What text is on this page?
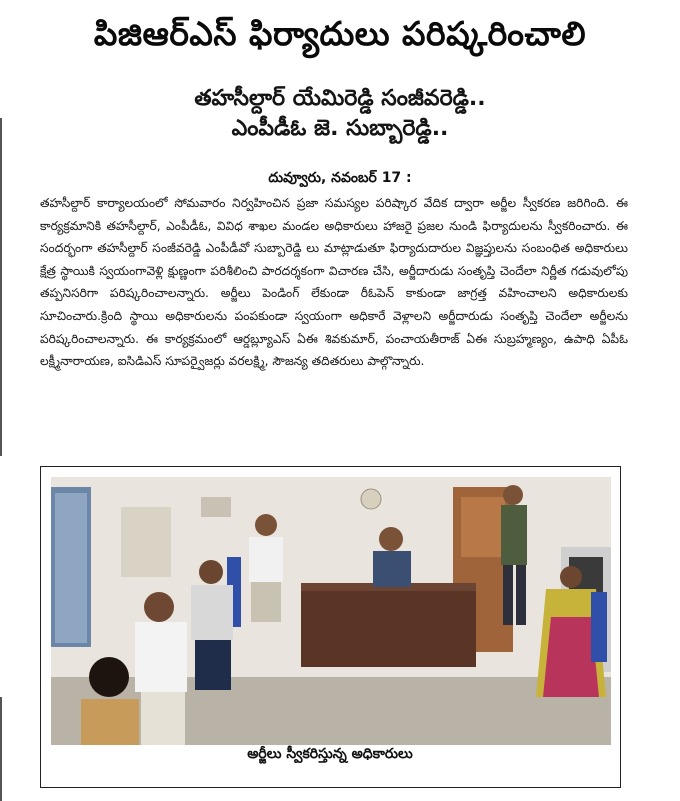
పిజిఆర్ఎస్ ఫిర్యాదులు పరిష్కరించాలి
తహసీల్దార్ యేమిరెడ్డి సంజీవరెడ్డి..
ఎంపీడీఓ జె. సుబ్బారెడ్డి..
దువ్వూరు, నవంబర్ 17 :

తహసీల్దార్ కార్యాలయంలో సోమవారం నిర్వహించిన ప్రజా సమస్యల పరిష్కార వేదిక ద్వారా అర్జీల స్వీకరణ జరిగింది. ఈ కార్యక్రమానికి తహసీల్దార్, ఎంపీడీఓ, వివిధ శాఖల మండల అధికారులు హాజరై ప్రజల నుండి ఫిర్యాదులను స్వీకరించారు. ఈ సందర్భంగా తహసీల్దార్ సంజీవరెడ్డి ఎంపీడీవో సుబ్బారెడ్డి లు మాట్లాడుతూ ఫిర్యాదుదారుల విజ్ఞప్తులను సంబంధిత అధికారులు క్షేత్ర స్థాయికి స్వయంగావెళ్లి క్షుణ్ణంగా పరిశీలించి పారదర్శకంగా విచారణ చేసి, అర్జీదారుడు సంతృప్తి చెందేలా నిర్ణీత గడువులోపు తప్పనిసరిగా పరిష్కరించాలన్నారు. అర్జీలు పెండింగ్ లేకుండా రీఓపెన్ కాకుండా జాగ్రత్త వహించాలని అధికారులకు సూచించారు.క్రింది స్థాయి అధికారులను పంపకుండా స్వయంగా అధికారే వెళ్లాలని అర్జీదారుడు సంతృప్తి చెందేలా అర్జీలను పరిష్కరించాలన్నారు. ఈ కార్యక్రమంలో ఆర్డబ్ల్యూఎస్ ఏఈ శివకుమార్, పంచాయతీరాజ్ ఏఈ సుబ్రహ్మణ్యం, ఉపాధి ఏపీఓ లక్ష్మీనారాయణ, ఐసిడిఎస్ సూపర్వైజర్లు వరలక్ష్మి, సౌజన్య తదితరులు పాల్గొన్నారు.

అర్జీలు స్వీకరిస్తున్న అధికారులు
